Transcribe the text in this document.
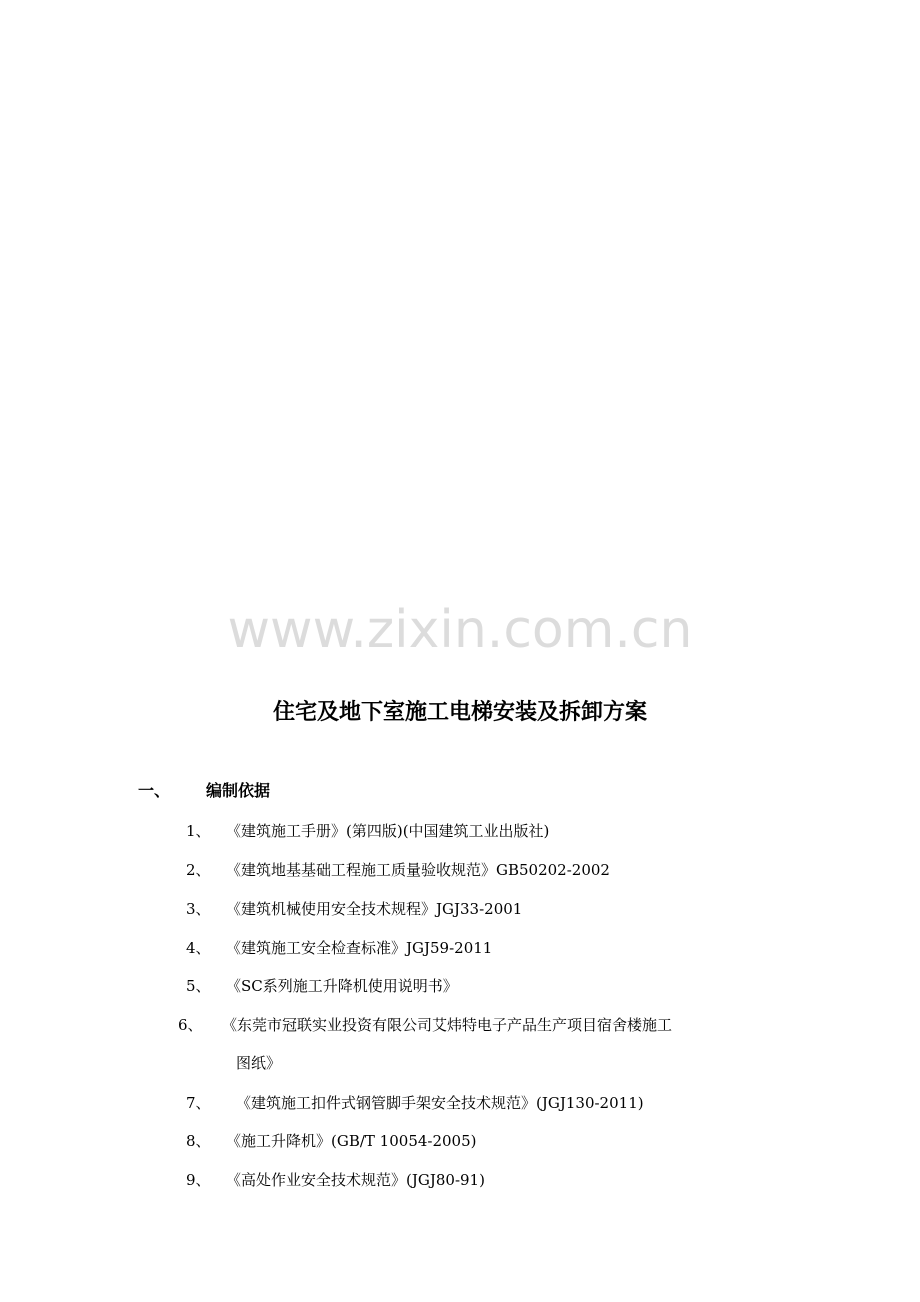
www.zixin.com.cn
住宅及地下室施工电梯安装及拆卸方案
一、 编制依据
1、 《建筑施工手册》(第四版)(中国建筑工业出版社)
2、 《建筑地基基础工程施工质量验收规范》GB50202-2002
3、 《建筑机械使用安全技术规程》JGJ33-2001
4、 《建筑施工安全检查标准》JGJ59-2011
5、 《SC系列施工升降机使用说明书》
6、 《东莞市冠联实业投资有限公司艾炜特电子产品生产项目宿舍楼施工
图纸》
7、 《建筑施工扣件式钢管脚手架安全技术规范》(JGJ130-2011)
8、 《施工升降机》(GB/T 10054-2005)
9、 《高处作业安全技术规范》(JGJ80-91)
